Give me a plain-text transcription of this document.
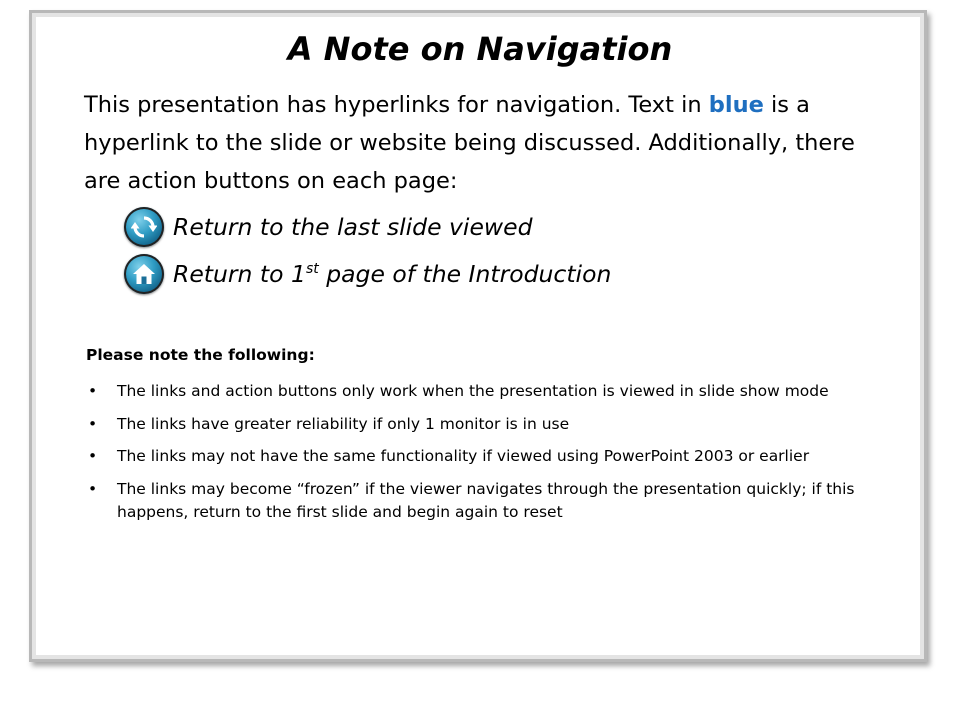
A Note on Navigation

This presentation has hyperlinks for navigation. Text in blue is a hyperlink to the slide or website being discussed. Additionally, there are action buttons on each page:

Return to the last slide viewed
Return to 1st page of the Introduction

Please note the following:

• The links and action buttons only work when the presentation is viewed in slide show mode
• The links have greater reliability if only 1 monitor is in use
• The links may not have the same functionality if viewed using PowerPoint 2003 or earlier
• The links may become “frozen” if the viewer navigates through the presentation quickly; if this happens, return to the first slide and begin again to reset
